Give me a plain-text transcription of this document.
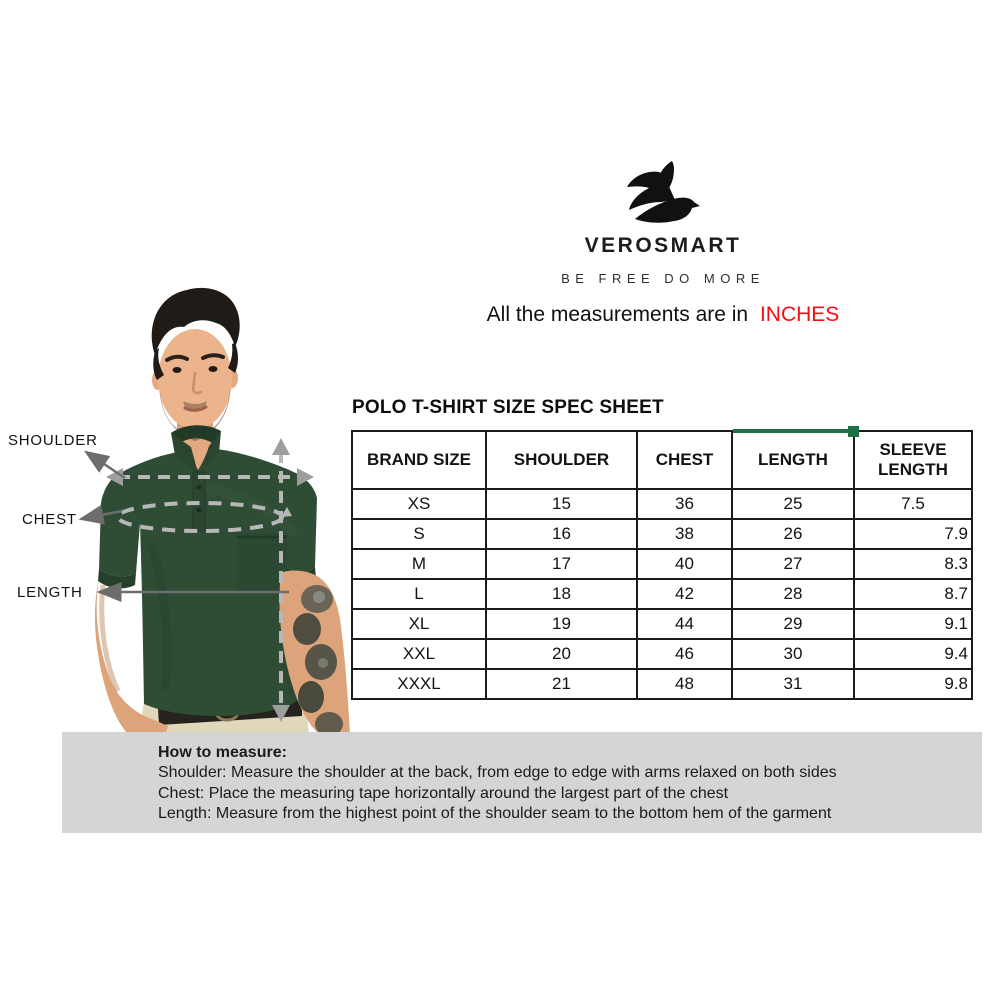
VEROSMART
BE FREE DO MORE
All the measurements are in INCHES
SHOULDER
CHEST
LENGTH
POLO T-SHIRT SIZE SPEC SHEET
BRAND SIZE	SHOULDER	CHEST	LENGTH	SLEEVE LENGTH
XS	15	36	25	7.5
S	16	38	26	7.9
M	17	40	27	8.3
L	18	42	28	8.7
XL	19	44	29	9.1
XXL	20	46	30	9.4
XXXL	21	48	31	9.8
How to measure:
Shoulder: Measure the shoulder at the back, from edge to edge with arms relaxed on both sides
Chest: Place the measuring tape horizontally around the largest part of the chest
Length: Measure from the highest point of the shoulder seam to the bottom hem of the garment
